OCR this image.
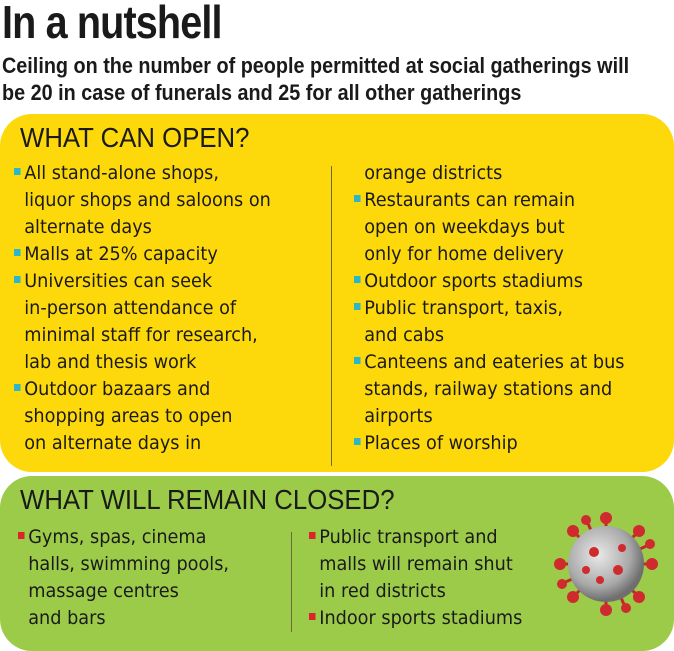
In a nutshell
Ceiling on the number of people permitted at social gatherings will be 20 in case of funerals and 25 for all other gatherings
WHAT CAN OPEN?
All stand-alone shops,
liquor shops and saloons on
alternate days
Malls at 25% capacity
Universities can seek
in-person attendance of
minimal staff for research,
lab and thesis work
Outdoor bazaars and
shopping areas to open
on alternate days in
orange districts
Restaurants can remain
open on weekdays but
only for home delivery
Outdoor sports stadiums
Public transport, taxis,
and cabs
Canteens and eateries at bus
stands, railway stations and
airports
Places of worship
WHAT WILL REMAIN CLOSED?
Gyms, spas, cinema
halls, swimming pools,
massage centres
and bars
Public transport and
malls will remain shut
in red districts
Indoor sports stadiums
